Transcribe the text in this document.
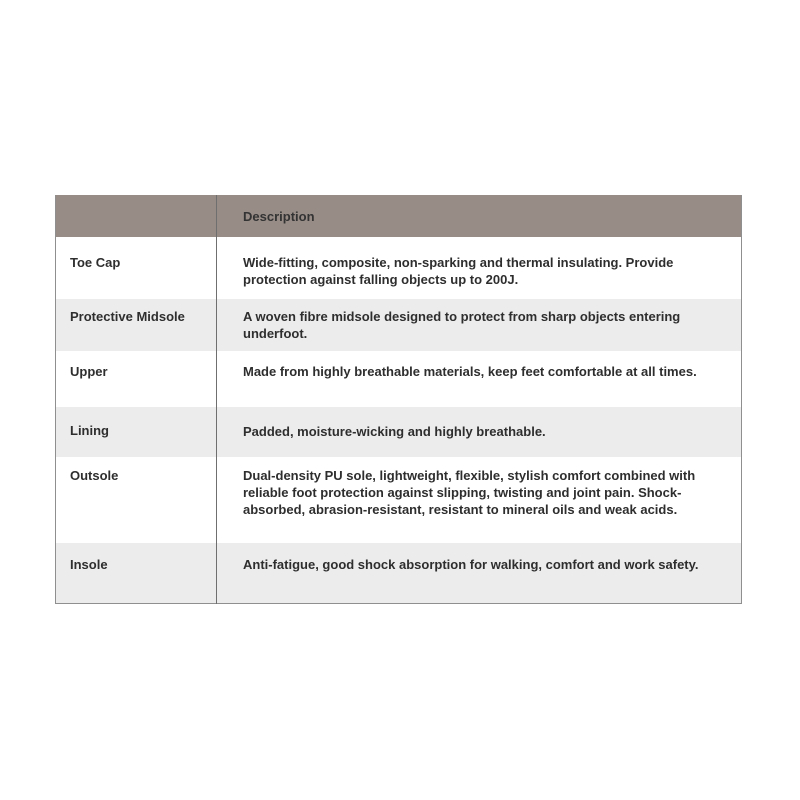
	Description
Toe Cap	Wide-fitting, composite, non-sparking and thermal insulating. Provide protection against falling objects up to 200J.
Protective Midsole	A woven fibre midsole designed to protect from sharp objects entering underfoot.
Upper	Made from highly breathable materials, keep feet comfortable at all times.
Lining	Padded, moisture-wicking and highly breathable.
Outsole	Dual-density PU sole, lightweight, flexible, stylish comfort combined with reliable foot protection against slipping, twisting and joint pain. Shock-absorbed, abrasion-resistant, resistant to mineral oils and weak acids.
Insole	Anti-fatigue, good shock absorption for walking, comfort and work safety.
